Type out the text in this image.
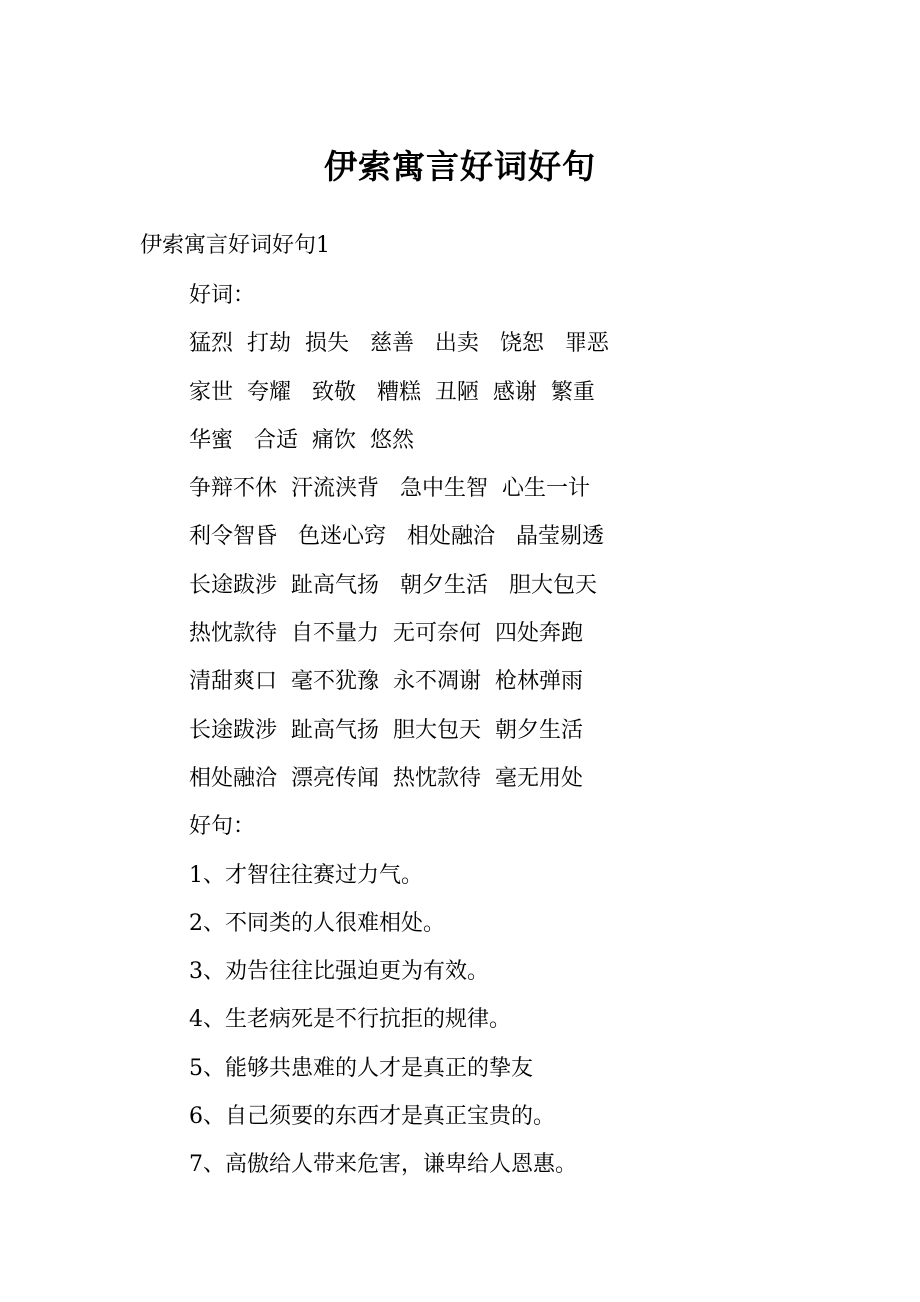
伊索寓言好词好句
伊索寓言好词好句1
好词：
猛烈  打劫  损失   慈善   出卖   饶恕   罪恶
家世  夸耀   致敬   糟糕  丑陋  感谢  繁重
华蜜   合适  痛饮  悠然
争辩不休  汗流浃背   急中生智  心生一计
利令智昏   色迷心窍   相处融洽   晶莹剔透
长途跋涉  趾高气扬   朝夕生活   胆大包天
热忱款待  自不量力  无可奈何  四处奔跑
清甜爽口  毫不犹豫  永不凋谢  枪林弹雨
长途跋涉  趾高气扬  胆大包天  朝夕生活
相处融洽  漂亮传闻  热忱款待  毫无用处
好句：
1、才智往往赛过力气。
2、不同类的人很难相处。
3、劝告往往比强迫更为有效。
4、生老病死是不行抗拒的规律。
5、能够共患难的人才是真正的挚友
6、自己须要的东西才是真正宝贵的。
7、高傲给人带来危害，谦卑给人恩惠。
